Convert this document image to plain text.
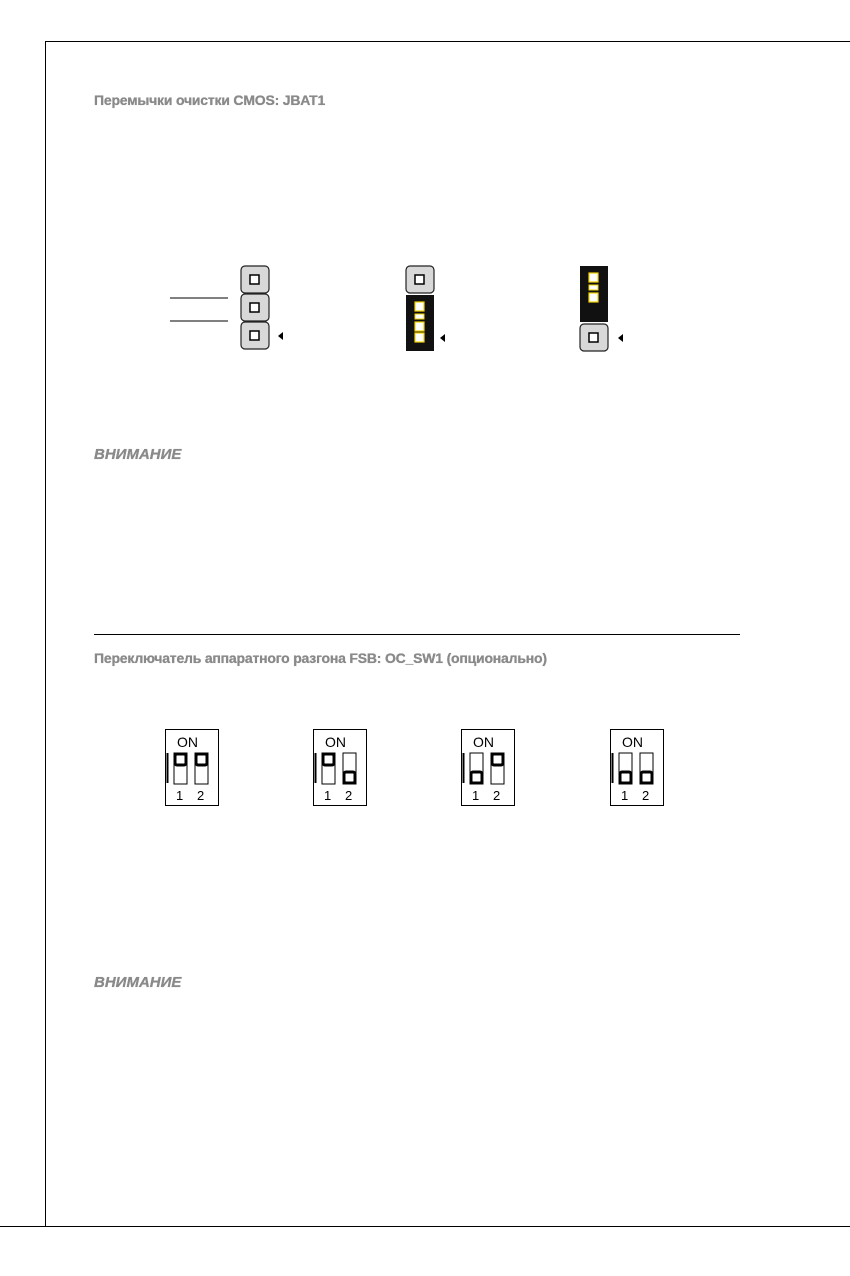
Перемычки очистки CMOS: JBAT1
ВНИМАНИЕ
Переключатель аппаратного разгона FSB: OC_SW1 (опционально)
ON
1 2
ON
1 2
ON
1 2
ON
1 2
ВНИМАНИЕ
